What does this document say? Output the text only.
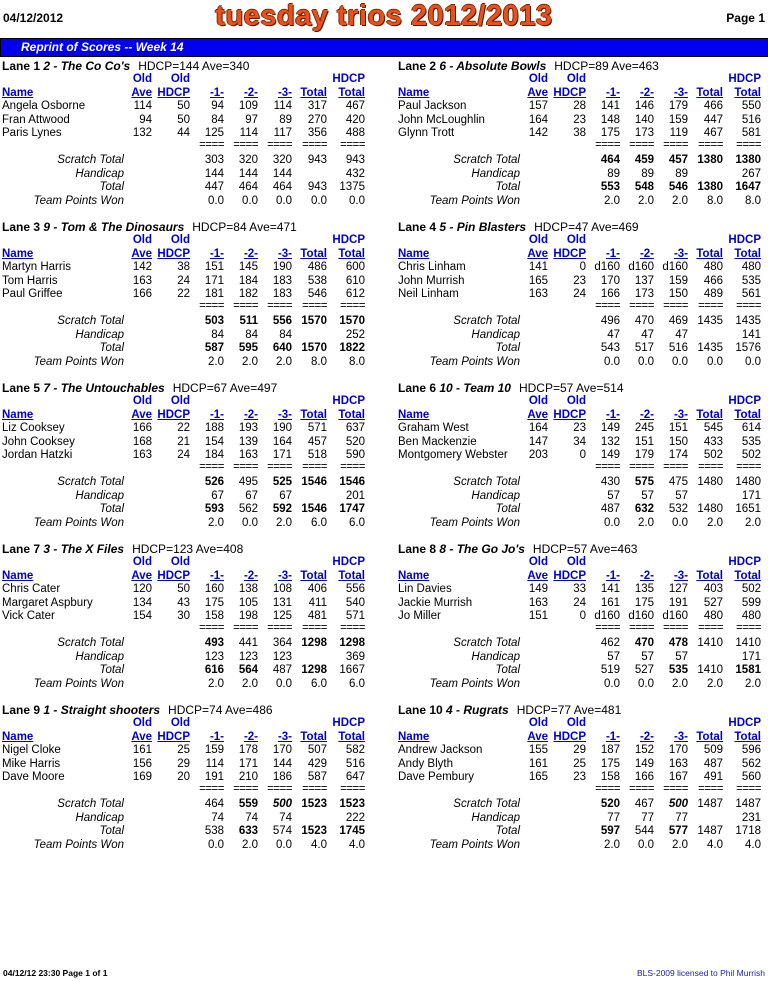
04/12/2012	tuesday trios 2012/2013	Page 1
Reprint of Scores -- Week 14
Lane 1 2 - The Co Co's HDCP=144 Ave=340
Old Old	HDCP
Name	Ave HDCP -1- -2- -3- Total Total
Angela Osborne	114 50 94 109 114 317 467
Fran Attwood	94 50 84 97 89 270 420
Paris Lynes	132 44 125 114 117 356 488
==== ==== ==== ==== ====
Scratch Total	303 320 320 943 943
Handicap	144 144 144	432
Total	447 464 464 943 1375
Team Points Won	0.0 0.0 0.0 0.0 0.0
Lane 2 6 - Absolute Bowls HDCP=89 Ave=463
Old Old	HDCP
Name	Ave HDCP -1- -2- -3- Total Total
Paul Jackson	157 28 141 146 179 466 550
John McLoughlin	164 23 148 140 159 447 516
Glynn Trott	142 38 175 173 119 467 581
==== ==== ==== ==== ====
Scratch Total	464 459 457 1380 1380
Handicap	89 89 89	267
Total	553 548 546 1380 1647
Team Points Won	2.0 2.0 2.0 8.0 8.0
Lane 3 9 - Tom & The Dinosaurs HDCP=84 Ave=471
Old Old	HDCP
Name	Ave HDCP -1- -2- -3- Total Total
Martyn Harris	142 38 151 145 190 486 600
Tom Harris	163 24 171 184 183 538 610
Paul Griffee	166 22 181 182 183 546 612
==== ==== ==== ==== ====
Scratch Total	503 511 556 1570 1570
Handicap	84 84 84	252
Total	587 595 640 1570 1822
Team Points Won	2.0 2.0 2.0 8.0 8.0
Lane 4 5 - Pin Blasters HDCP=47 Ave=469
Old Old	HDCP
Name	Ave HDCP -1- -2- -3- Total Total
Chris Linham	141	0 d160 d160 d160 480 480
John Murrish	165 23 170 137 159 466 535
Neil Linham	163 24 166 173 150 489 561
==== ==== ==== ==== ====
Scratch Total	496 470 469 1435 1435
Handicap	47 47 47	141
Total	543 517 516 1435 1576
Team Points Won	0.0 0.0 0.0 0.0 0.0
Lane 5 7 - The Untouchables HDCP=67 Ave=497
Old Old	HDCP
Name	Ave HDCP -1- -2- -3- Total Total
Liz Cooksey	166 22 188 193 190 571 637
John Cooksey	168 21 154 139 164 457 520
Jordan Hatzki	163 24 184 163 171 518 590
==== ==== ==== ==== ====
Scratch Total	526 495 525 1546 1546
Handicap	67 67 67	201
Total	593 562 592 1546 1747
Team Points Won	2.0 0.0 2.0 6.0 6.0
Lane 6 10 - Team 10 HDCP=57 Ave=514
Old Old	HDCP
Name	Ave HDCP -1- -2- -3- Total Total
Graham West	164 23 149 245 151 545 614
Ben Mackenzie	147 34 132 151 150 433 535
Montgomery Webster 203	0 149 179 174 502 502
==== ==== ==== ==== ====
Scratch Total	430 575 475 1480 1480
Handicap	57 57 57	171
Total	487 632 532 1480 1651
Team Points Won	0.0 2.0 0.0 2.0 2.0
Lane 7 3 - The X Files HDCP=123 Ave=408
Old Old	HDCP
Name	Ave HDCP -1- -2- -3- Total Total
Chris Cater	120 50 160 138 108 406 556
Margaret Aspbury	134 43 175 105 131 411 540
Vick Cater	154 30 158 198 125 481 571
==== ==== ==== ==== ====
Scratch Total	493 441 364 1298 1298
Handicap	123 123 123	369
Total	616 564 487 1298 1667
Team Points Won	2.0 2.0 0.0 6.0 6.0
Lane 8 8 - The Go Jo's HDCP=57 Ave=463
Old Old	HDCP
Name	Ave HDCP -1- -2- -3- Total Total
Lin Davies	149 33 141 135 127 403 502
Jackie Murrish	163 24 161 175 191 527 599
Jo Miller	151	0 d160 d160 d160 480 480
==== ==== ==== ==== ====
Scratch Total	462 470 478 1410 1410
Handicap	57 57 57	171
Total	519 527 535 1410 1581
Team Points Won	0.0 0.0 2.0 2.0 2.0
Lane 9 1 - Straight shooters HDCP=74 Ave=486
Old Old	HDCP
Name	Ave HDCP -1- -2- -3- Total Total
Nigel Cloke	161 25 159 178 170 507 582
Mike Harris	156 29 114 171 144 429 516
Dave Moore	169 20 191 210 186 587 647
==== ==== ==== ==== ====
Scratch Total	464 559 500 1523 1523
Handicap	74 74 74	222
Total	538 633 574 1523 1745
Team Points Won	0.0 2.0 0.0 4.0 4.0
Lane 10 4 - Rugrats HDCP=77 Ave=481
Old Old	HDCP
Name	Ave HDCP -1- -2- -3- Total Total
Andrew Jackson	155 29 187 152 170 509 596
Andy Blyth	161 25 175 149 163 487 562
Dave Pembury	165 23 158 166 167 491 560
==== ==== ==== ==== ====
Scratch Total	520 467 500 1487 1487
Handicap	77 77 77	231
Total	597 544 577 1487 1718
Team Points Won	2.0 0.0 2.0 4.0 4.0
04/12/12 23:30 Page 1 of 1	BLS-2009 licensed to Phil Murrish
